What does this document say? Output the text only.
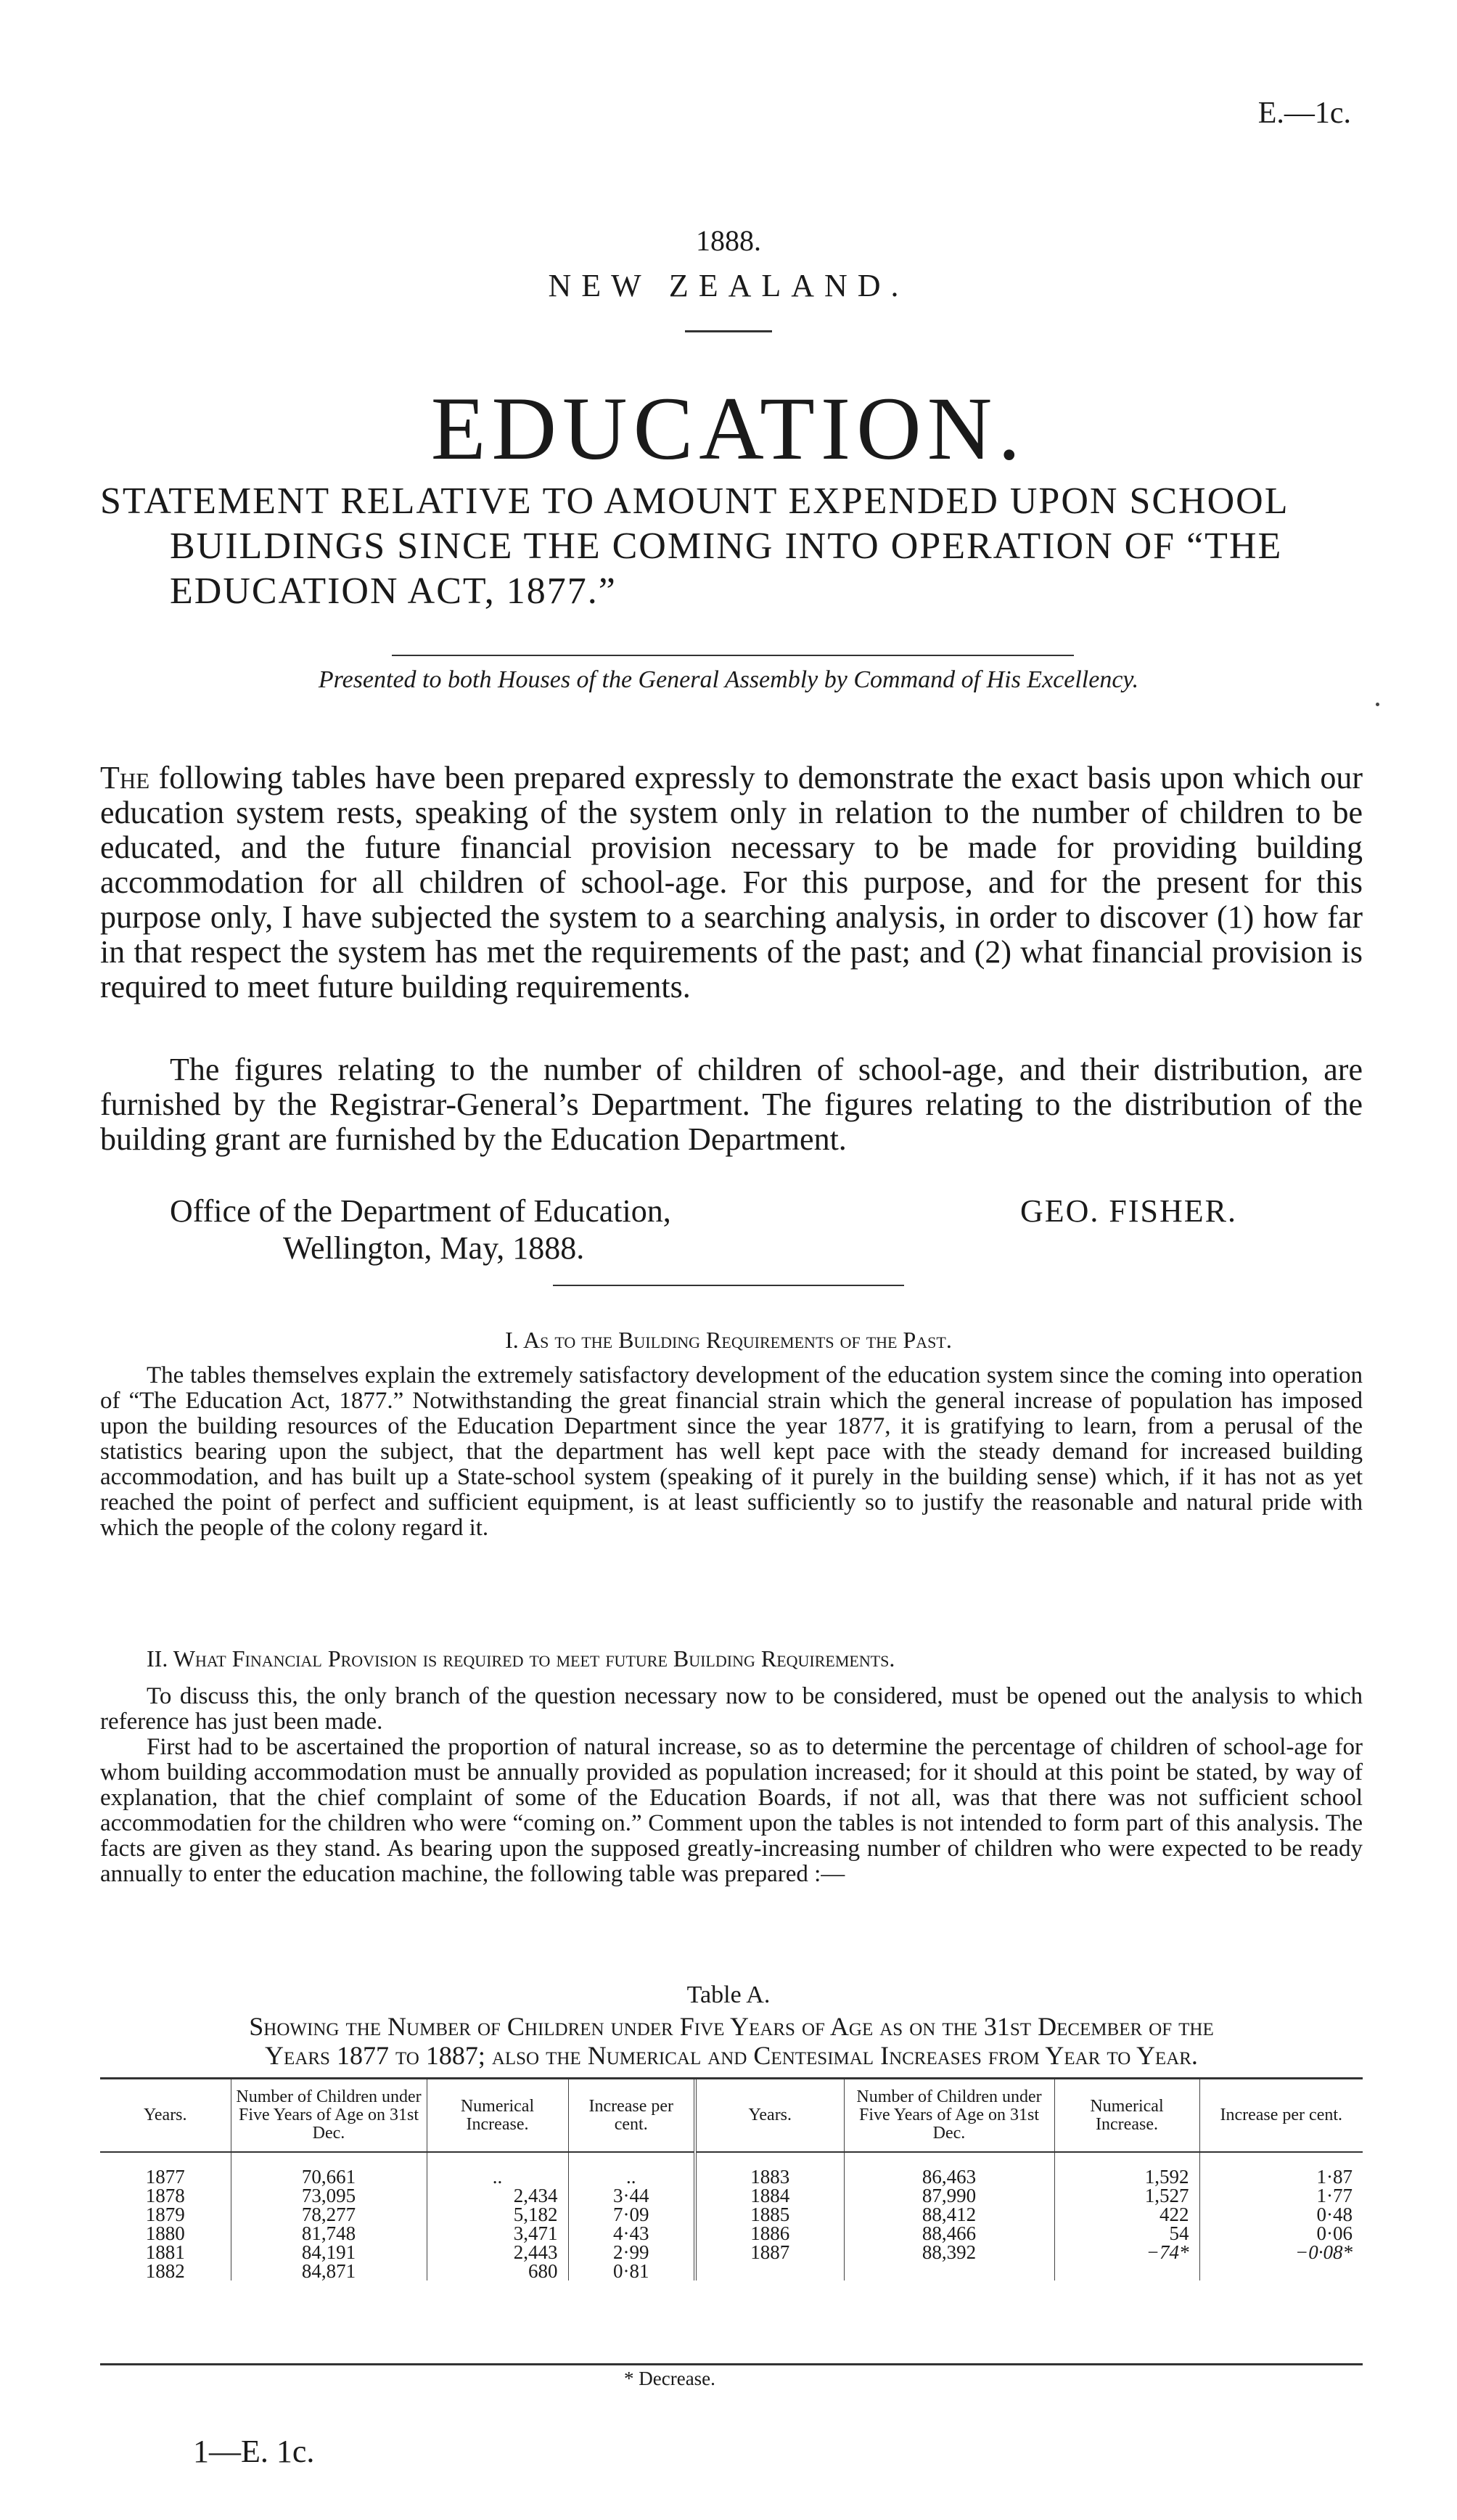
E.—1c.
1888.
NEW ZEALAND.
EDUCATION.
STATEMENT RELATIVE TO AMOUNT EXPENDED UPON SCHOOL
BUILDINGS SINCE THE COMING INTO OPERATION OF “THE
EDUCATION ACT, 1877.”
Presented to both Houses of the General Assembly by Command of His Excellency.
The following tables have been prepared expressly to demonstrate the exact basis upon which our education system rests, speaking of the system only in relation to the number of children to be educated, and the future financial provision necessary to be made for providing building accommodation for all children of school-age. For this purpose, and for the present for this purpose only, I have subjected the system to a searching analysis, in order to discover (1) how far in that respect the system has met the requirements of the past; and (2) what financial provision is required to meet future building requirements.
The figures relating to the number of children of school-age, and their distribution, are furnished by the Registrar-General’s Department. The figures relating to the distribution of the building grant are furnished by the Education Department.
Office of the Department of Education,
Wellington, May, 1888.
GEO. FISHER.
I. As to the Building Requirements of the Past.
The tables themselves explain the extremely satisfactory development of the education system since the coming into operation of “The Education Act, 1877.” Notwithstanding the great financial strain which the general increase of population has imposed upon the building resources of the Education Department since the year 1877, it is gratifying to learn, from a perusal of the statistics bearing upon the subject, that the department has well kept pace with the steady demand for increased building accommodation, and has built up a State-school system (speaking of it purely in the building sense) which, if it has not as yet reached the point of perfect and sufficient equipment, is at least sufficiently so to justify the reasonable and natural pride with which the people of the colony regard it.
II. What Financial Provision is required to meet future Building Requirements.
To discuss this, the only branch of the question necessary now to be considered, must be opened out the analysis to which reference has just been made.
First had to be ascertained the proportion of natural increase, so as to determine the percentage of children of school-age for whom building accommodation must be annually provided as population increased; for it should at this point be stated, by way of explanation, that the chief complaint of some of the Education Boards, if not all, was that there was not sufficient school accommodatien for the children who were “coming on.” Comment upon the tables is not intended to form part of this analysis. The facts are given as they stand. As bearing upon the supposed greatly-increasing number of children who were expected to be ready annually to enter the education machine, the following table was prepared :—
Table A.
Showing the Number of Children under Five Years of Age as on the 31st December of the
Years 1877 to 1887; also the Numerical and Centesimal Increases from Year to Year.
Years.	Number of Children under Five Years of Age on 31st Dec.	Numerical Increase.	Increase per cent.	Years.	Number of Children under Five Years of Age on 31st Dec.	Numerical Increase.	Increase per cent.
1877	70,661	..	..	1883	86,463	1,592	1·87
1878	73,095	2,434	3·44	1884	87,990	1,527	1·77
1879	78,277	5,182	7·09	1885	88,412	422	0·48
1880	81,748	3,471	4·43	1886	88,466	54	0·06
1881	84,191	2,443	2·99	1887	88,392	−74*	−0·08*
1882	84,871	680	0·81				
* Decrease.
1—E. 1c.
